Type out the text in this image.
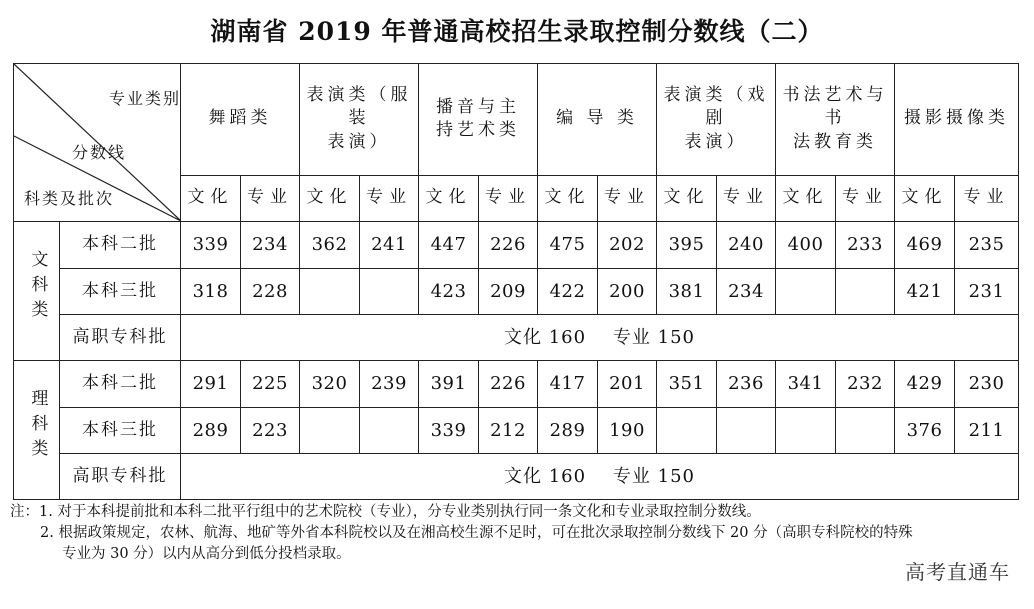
湖南省 2019 年普通高校招生录取控制分数线（二）
专业类别
分数线
科类及批次		舞蹈类		表演类（服装
表演）		播音与主
持艺术类		编 导 类		表演类（戏剧
表演）		书法艺术与书
法教育类		摄影摄像类	
		文化	专业	文化	专业	文化	专业	文化	专业	文化	专业	文化	专业	文化	专业
文科类	本科二批	339	234	362	241	447	226	475	202	395	240	400	233	469	235
	本科三批	318	228			423	209	422	200	381	234			421	231
	高职专科批	文化 160    专业 150													
理科类	本科二批	291	225	320	239	391	226	417	201	351	236	341	232	429	230
	本科三批	289	223			339	212	289	190					376	211
	高职专科批	文化 160    专业 150													
注：1. 对于本科提前批和本科二批平行组中的艺术院校（专业），分专业类别执行同一条文化和专业录取控制分数线。
2. 根据政策规定，农林、航海、地矿等外省本科院校以及在湘高校生源不足时，可在批次录取控制分数线下 20 分（高职专科院校的特殊
专业为 30 分）以内从高分到低分投档录取。
高考直通车
